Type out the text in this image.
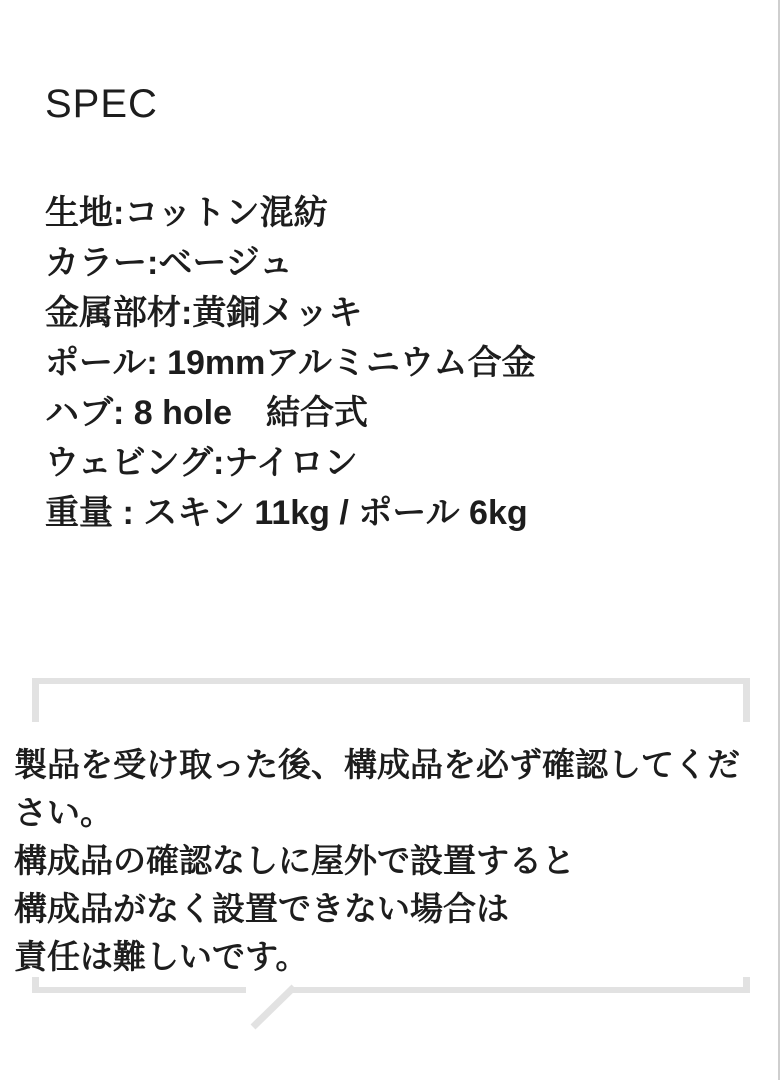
SPEC
生地:コットン混紡
カラー:ベージュ
金属部材:黄銅メッキ
ポール: 19mmアルミニウム合金
ハブ: 8 hole　結合式
ウェビング:ナイロン
重量 : スキン 11kg / ポール 6kg

製品を受け取った後、構成品を必ず確認してください。

構成品の確認なしに屋外で設置すると

構成品がなく設置できない場合は

責任は難しいです。
